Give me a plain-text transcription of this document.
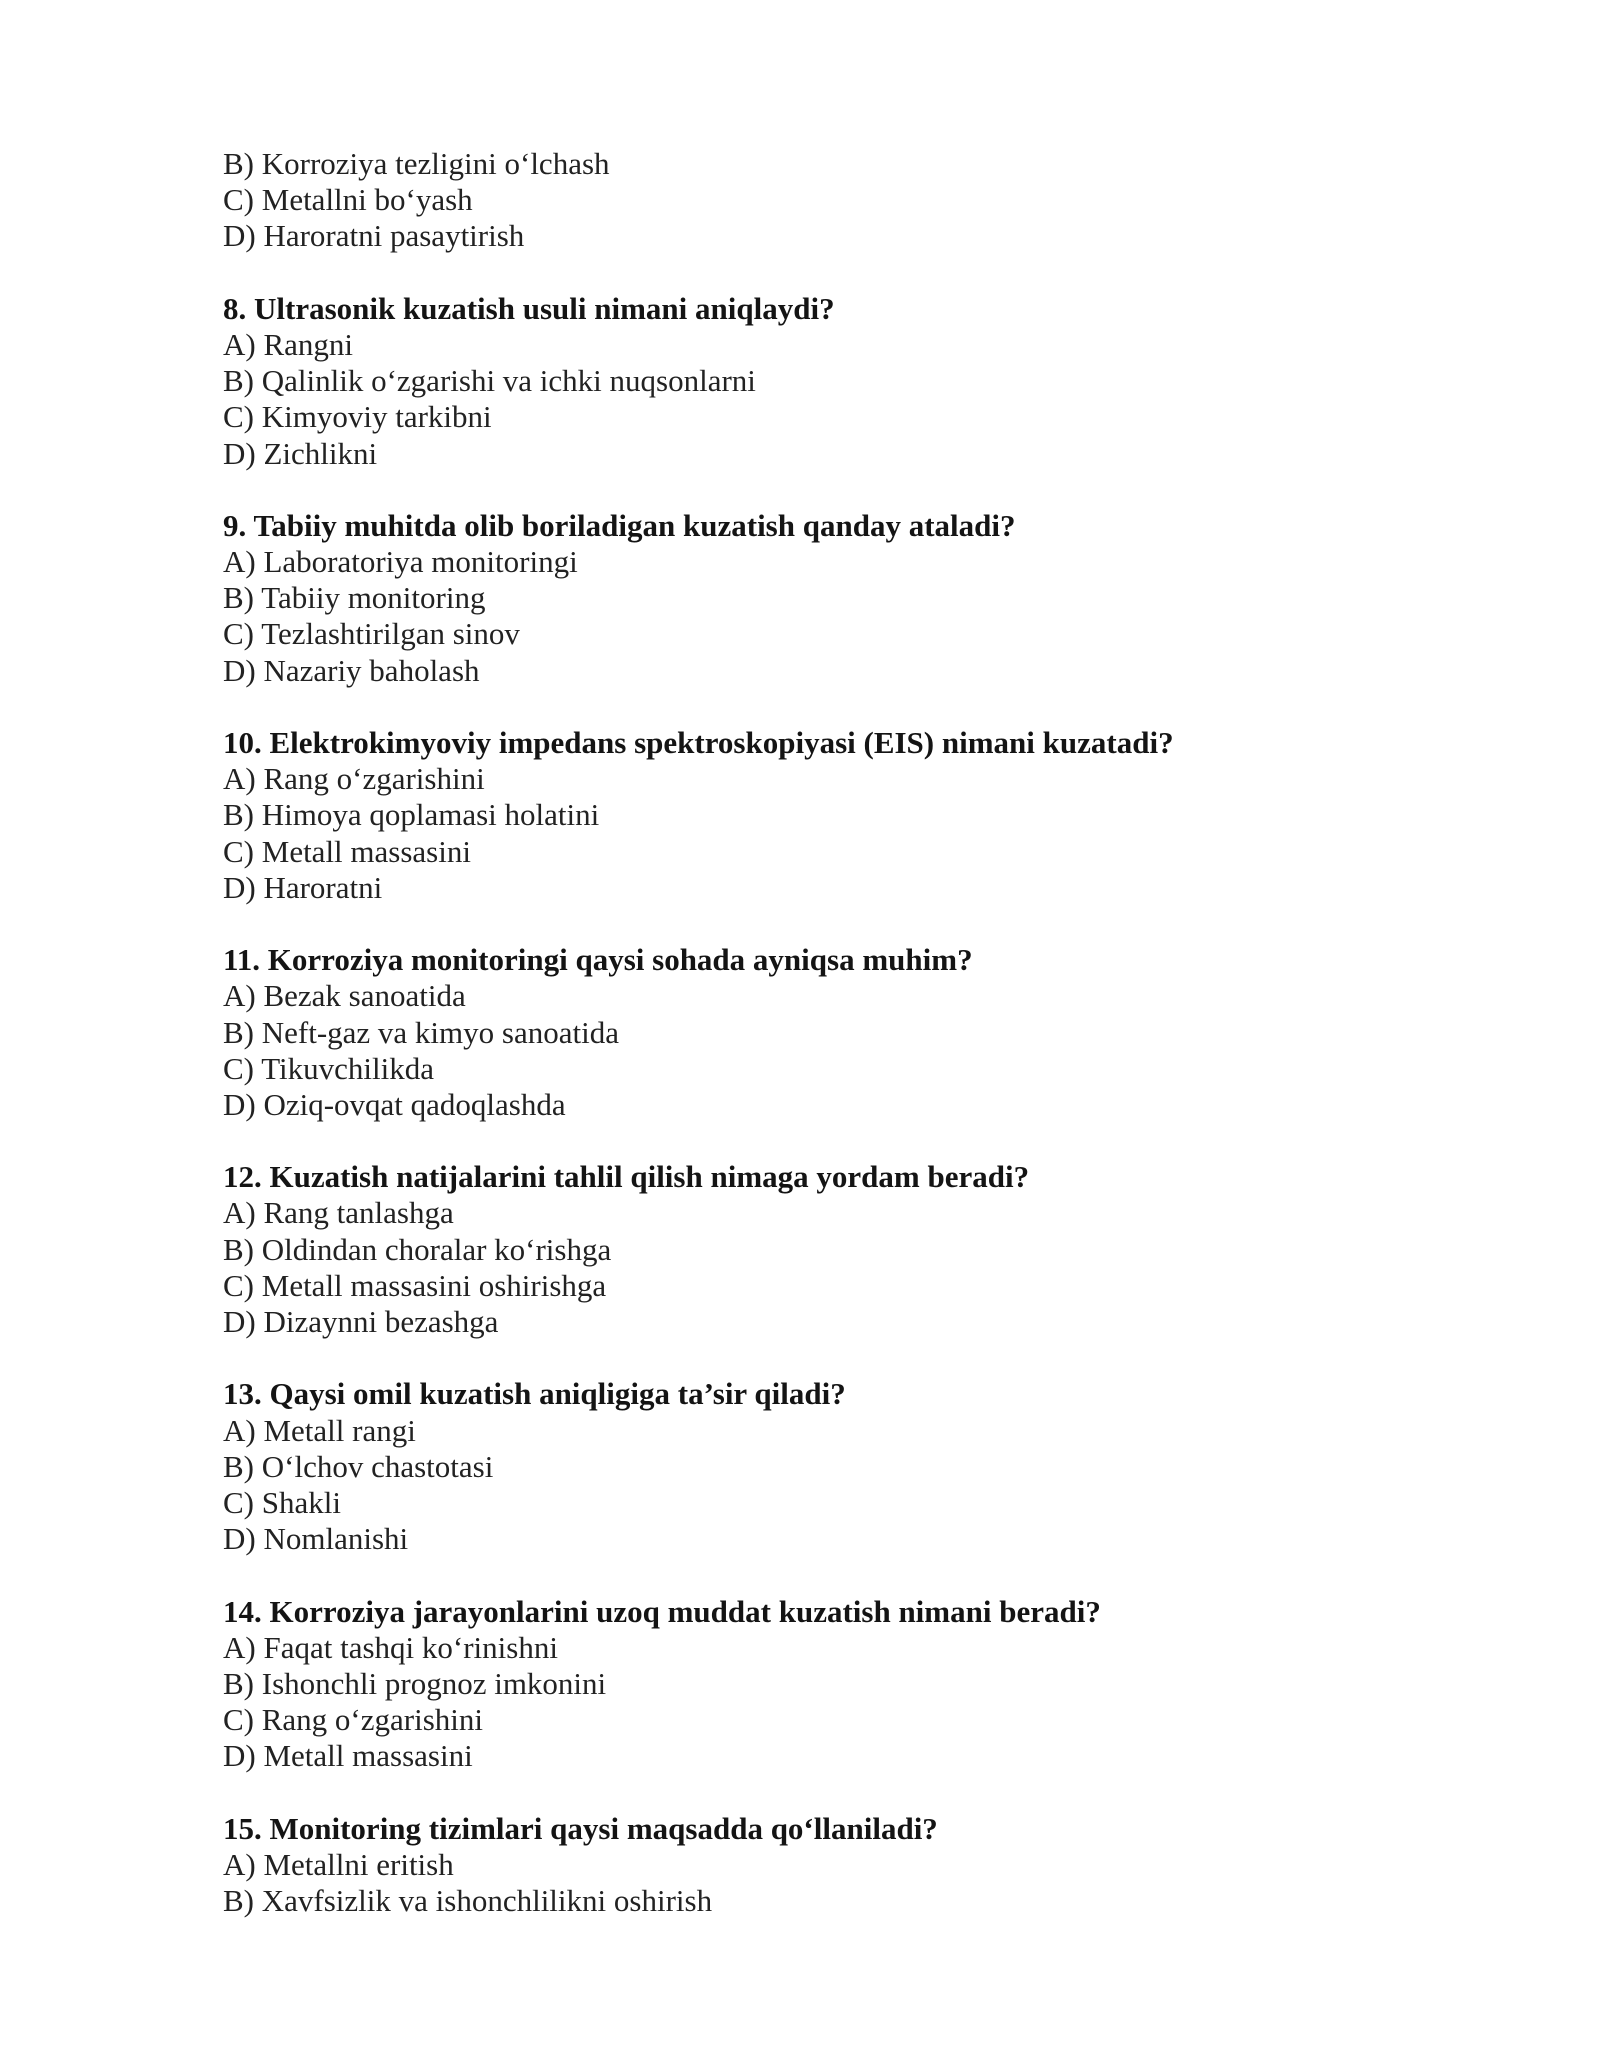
B) Korroziya tezligini o‘lchash
C) Metallni bo‘yash
D) Haroratni pasaytirish
8. Ultrasonik kuzatish usuli nimani aniqlaydi?
A) Rangni
B) Qalinlik o‘zgarishi va ichki nuqsonlarni
C) Kimyoviy tarkibni
D) Zichlikni
9. Tabiiy muhitda olib boriladigan kuzatish qanday ataladi?
A) Laboratoriya monitoringi
B) Tabiiy monitoring
C) Tezlashtirilgan sinov
D) Nazariy baholash
10. Elektrokimyoviy impedans spektroskopiyasi (EIS) nimani kuzatadi?
A) Rang o‘zgarishini
B) Himoya qoplamasi holatini
C) Metall massasini
D) Haroratni
11. Korroziya monitoringi qaysi sohada ayniqsa muhim?
A) Bezak sanoatida
B) Neft-gaz va kimyo sanoatida
C) Tikuvchilikda
D) Oziq-ovqat qadoqlashda
12. Kuzatish natijalarini tahlil qilish nimaga yordam beradi?
A) Rang tanlashga
B) Oldindan choralar ko‘rishga
C) Metall massasini oshirishga
D) Dizaynni bezashga
13. Qaysi omil kuzatish aniqligiga ta’sir qiladi?
A) Metall rangi
B) O‘lchov chastotasi
C) Shakli
D) Nomlanishi
14. Korroziya jarayonlarini uzoq muddat kuzatish nimani beradi?
A) Faqat tashqi ko‘rinishni
B) Ishonchli prognoz imkonini
C) Rang o‘zgarishini
D) Metall massasini
15. Monitoring tizimlari qaysi maqsadda qo‘llaniladi?
A) Metallni eritish
B) Xavfsizlik va ishonchlilikni oshirish
